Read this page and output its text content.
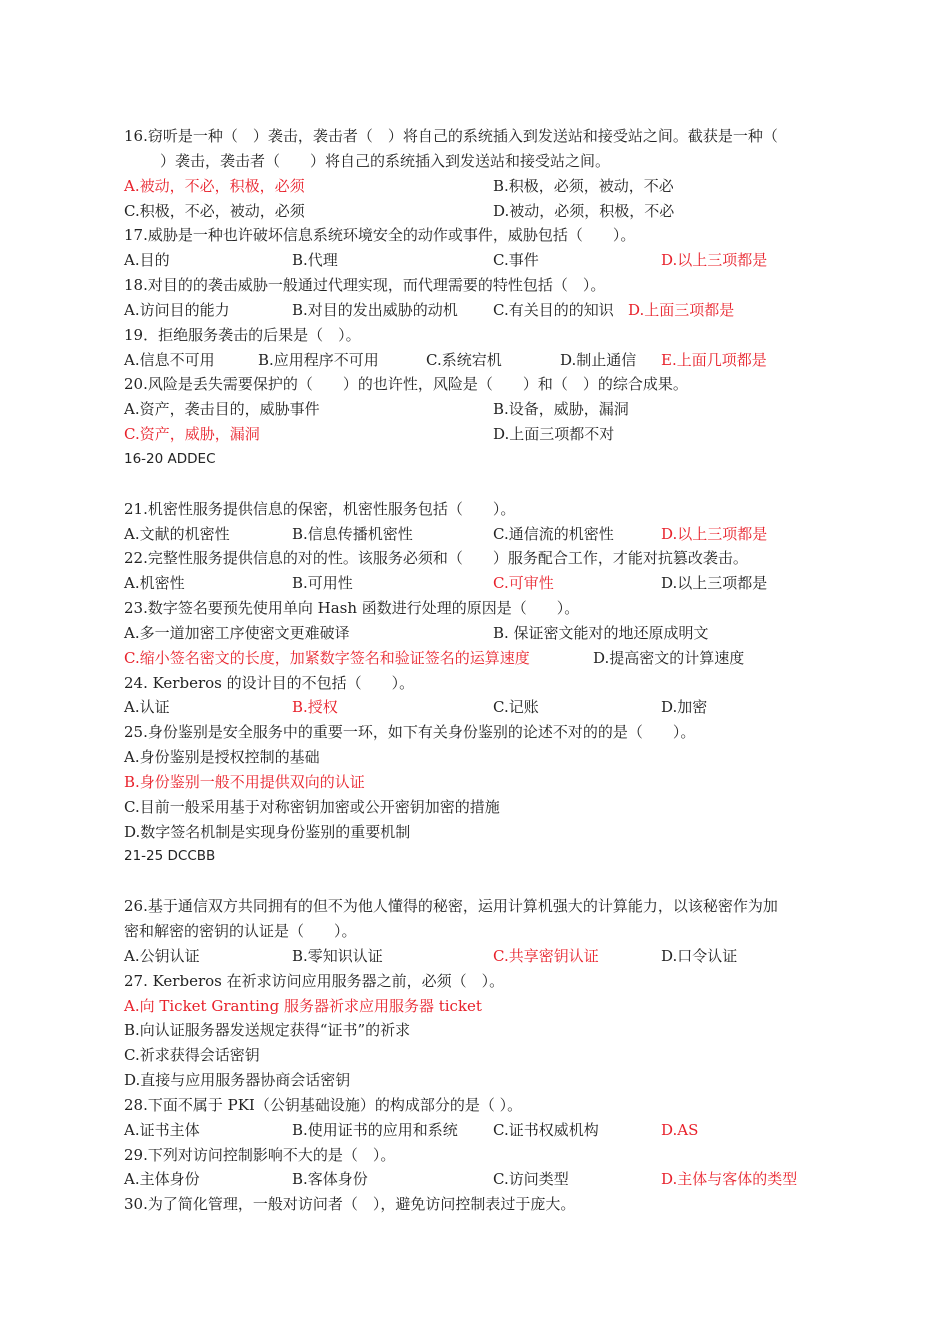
16.窃听是一种（　）袭击，袭击者（　）将自己的系统插入到发送站和接受站之间。截获是一种（
）袭击，袭击者（　　）将自己的系统插入到发送站和接受站之间。
A.被动，不必，积极，必须	B.积极，必须，被动，不必
C.积极，不必，被动，必须	D.被动，必须，积极，不必
17.威胁是一种也许破坏信息系统环境安全的动作或事件，威胁包括（　　）。
A.目的	B.代理	C.事件	D.以上三项都是
18.对目的的袭击威胁一般通过代理实现，而代理需要的特性包括（　）。
A.访问目的能力	B.对目的发出威胁的动机 C.有关目的的知识 D.上面三项都是
19．拒绝服务袭击的后果是（　）。
A.信息不可用	B.应用程序不可用	C.系统宕机	D.制止通信 E.上面几项都是
20.风险是丢失需要保护的（　　）的也许性，风险是（　　）和（　）的综合成果。
A.资产，袭击目的，威胁事件	B.设备，威胁，漏洞
C.资产，威胁，漏洞	D.上面三项都不对
16-20 ADDEC
21.机密性服务提供信息的保密，机密性服务包括（　　）。
A.文献的机密性	B.信息传播机密性	C.通信流的机密性	D.以上三项都是
22.完整性服务提供信息的对的性。该服务必须和（　　）服务配合工作，才能对抗篡改袭击。
A.机密性	B.可用性	C.可审性	D.以上三项都是
23.数字签名要预先使用单向 Hash 函数进行处理的原因是（　　）。
A.多一道加密工序使密文更难破译	B. 保证密文能对的地还原成明文
C.缩小签名密文的长度，加紧数字签名和验证签名的运算速度	D.提高密文的计算速度
24. Kerberos 的设计目的不包括（　　）。
A.认证	B.授权	C.记账	D.加密
25.身份鉴别是安全服务中的重要一环，如下有关身份鉴别的论述不对的的是（　　）。
A.身份鉴别是授权控制的基础
B.身份鉴别一般不用提供双向的认证
C.目前一般采用基于对称密钥加密或公开密钥加密的措施
D.数字签名机制是实现身份鉴别的重要机制
21-25 DCCBB
26.基于通信双方共同拥有的但不为他人懂得的秘密，运用计算机强大的计算能力，以该秘密作为加
密和解密的密钥的认证是（　　）。
A.公钥认证	B.零知识认证	C.共享密钥认证	D.口令认证
27. Kerberos 在祈求访问应用服务器之前，必须（　）。
A.向 Ticket Granting 服务器祈求应用服务器 ticket
B.向认证服务器发送规定获得“证书”的祈求
C.祈求获得会话密钥
D.直接与应用服务器协商会话密钥
28.下面不属于 PKI（公钥基础设施）的构成部分的是（ ）。
A.证书主体	B.使用证书的应用和系统 C.证书权威机构	D.AS
29.下列对访问控制影响不大的是（　）。
A.主体身份	B.客体身份	C.访问类型	D.主体与客体的类型
30.为了简化管理，一般对访问者（　），避免访问控制表过于庞大。
